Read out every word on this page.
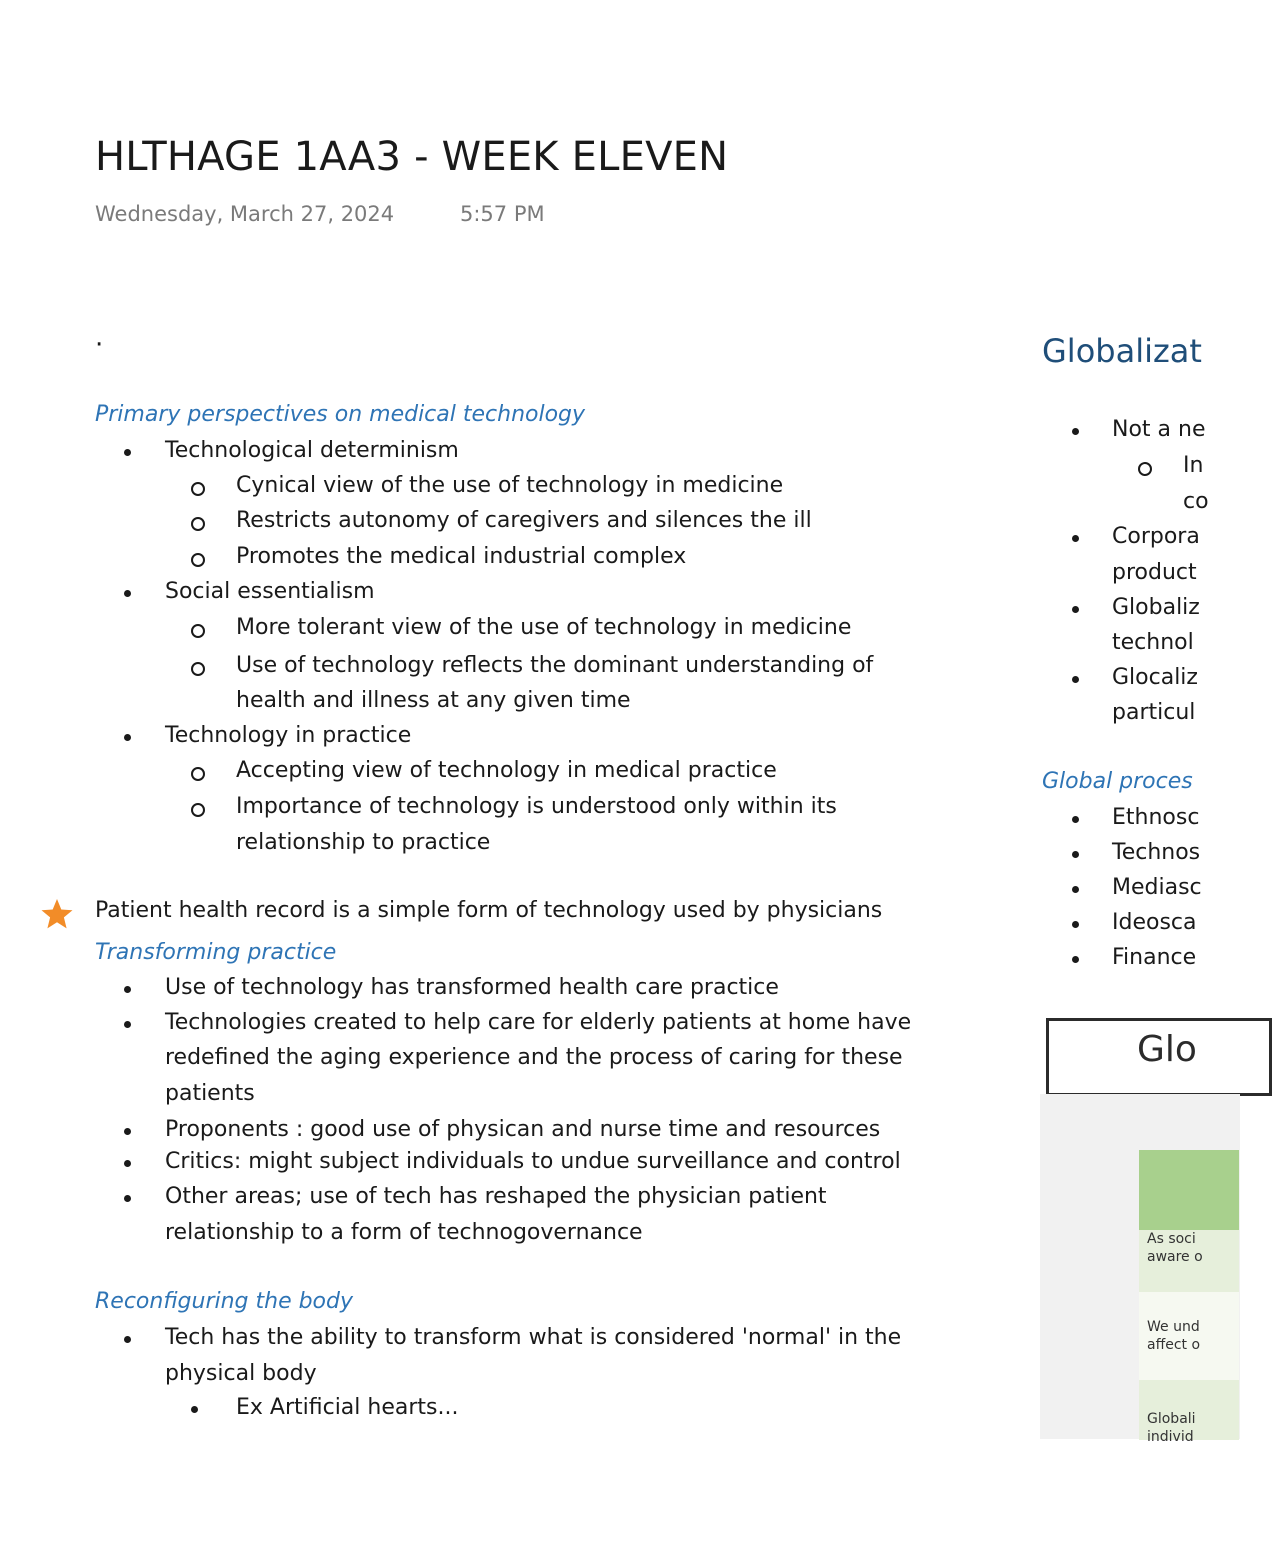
HLTHAGE 1AA3 - WEEK ELEVEN
Wednesday, March 27, 2024	5:57 PM
·
Primary perspectives on medical technology
Technological determinism
Cynical view of the use of technology in medicine
Restricts autonomy of caregivers and silences the ill
Promotes the medical industrial complex
Social essentialism
More tolerant view of the use of technology in medicine
Use of technology reflects the dominant understanding of
health and illness at any given time
Technology in practice
Accepting view of technology in medical practice
Importance of technology is understood only within its
relationship to practice
Patient health record is a simple form of technology used by physicians
Transforming practice
Use of technology has transformed health care practice
Technologies created to help care for elderly patients at home have
redefined the aging experience and the process of caring for these
patients
Proponents : good use of physican and nurse time and resources
Critics: might subject individuals to undue surveillance and control
Other areas; use of tech has reshaped the physician patient
relationship to a form of technogovernance
Reconfiguring the body
Tech has the ability to transform what is considered 'normal' in the
physical body
Ex Artificial hearts...
Globalizat
Not a ne
In
co
Corpora
product
Globaliz
technol
Glocaliz
particul
Global proces
Ethnosc
Technos
Mediasc
Ideosca
Finance
Glo
As soci
aware o
We und
affect o
Globali
individ
